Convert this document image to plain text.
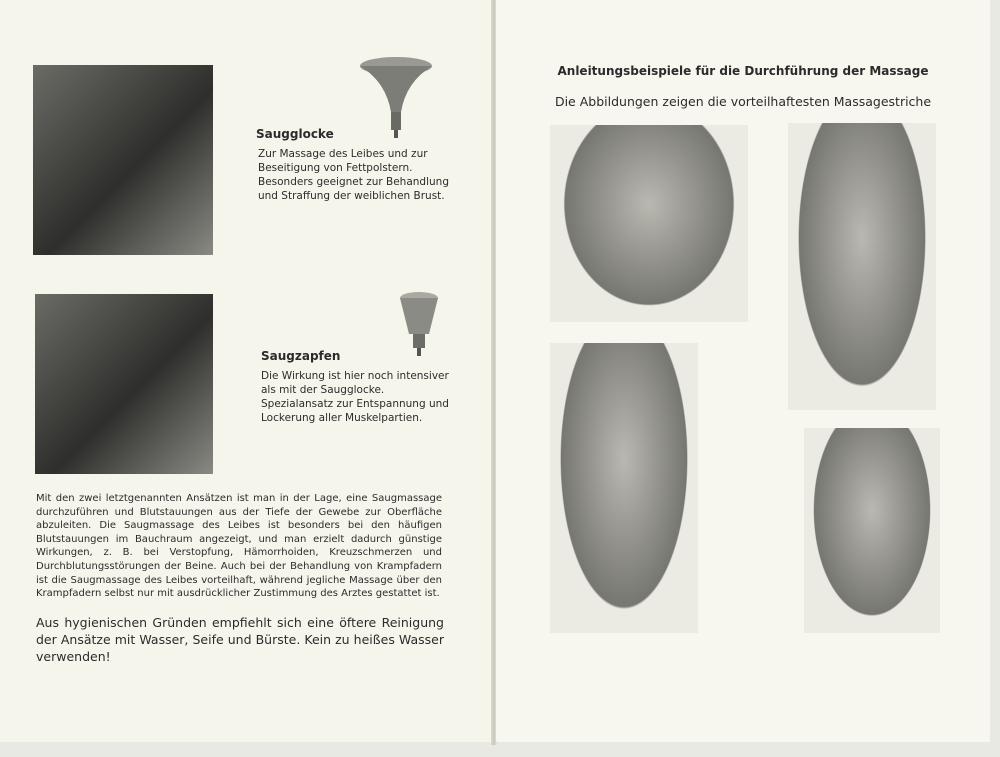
Saugglocke
Zur Massage des Leibes und zur
Beseitigung von Fettpolstern.
Besonders geeignet zur Behandlung
und Straffung der weiblichen Brust.
Saugzapfen
Die Wirkung ist hier noch intensiver
als mit der Saugglocke.
Spezialansatz zur Entspannung und
Lockerung aller Muskelpartien.
Mit den zwei letztgenannten Ansätzen ist man in der Lage, eine Saugmassage durchzuführen und Blutstauungen aus der Tiefe der Gewebe zur Oberfläche abzuleiten. Die Saugmassage des Leibes ist besonders bei den häufigen Blutstauungen im Bauchraum angezeigt, und man erzielt dadurch günstige Wirkungen, z. B. bei Verstopfung, Hämorrhoiden, Kreuzschmerzen und Durchblutungsstörungen der Beine. Auch bei der Behandlung von Krampfadern ist die Saugmassage des Leibes vorteilhaft, während jegliche Massage über den Krampfadern selbst nur mit ausdrücklicher Zustimmung des Arztes gestattet ist.
Aus hygienischen Gründen empfiehlt sich eine öftere Reinigung der Ansätze mit Wasser, Seife und Bürste. Kein zu heißes Wasser verwenden!
Anleitungsbeispiele für die Durchführung der Massage
Die Abbildungen zeigen die vorteilhaftesten Massagestriche
